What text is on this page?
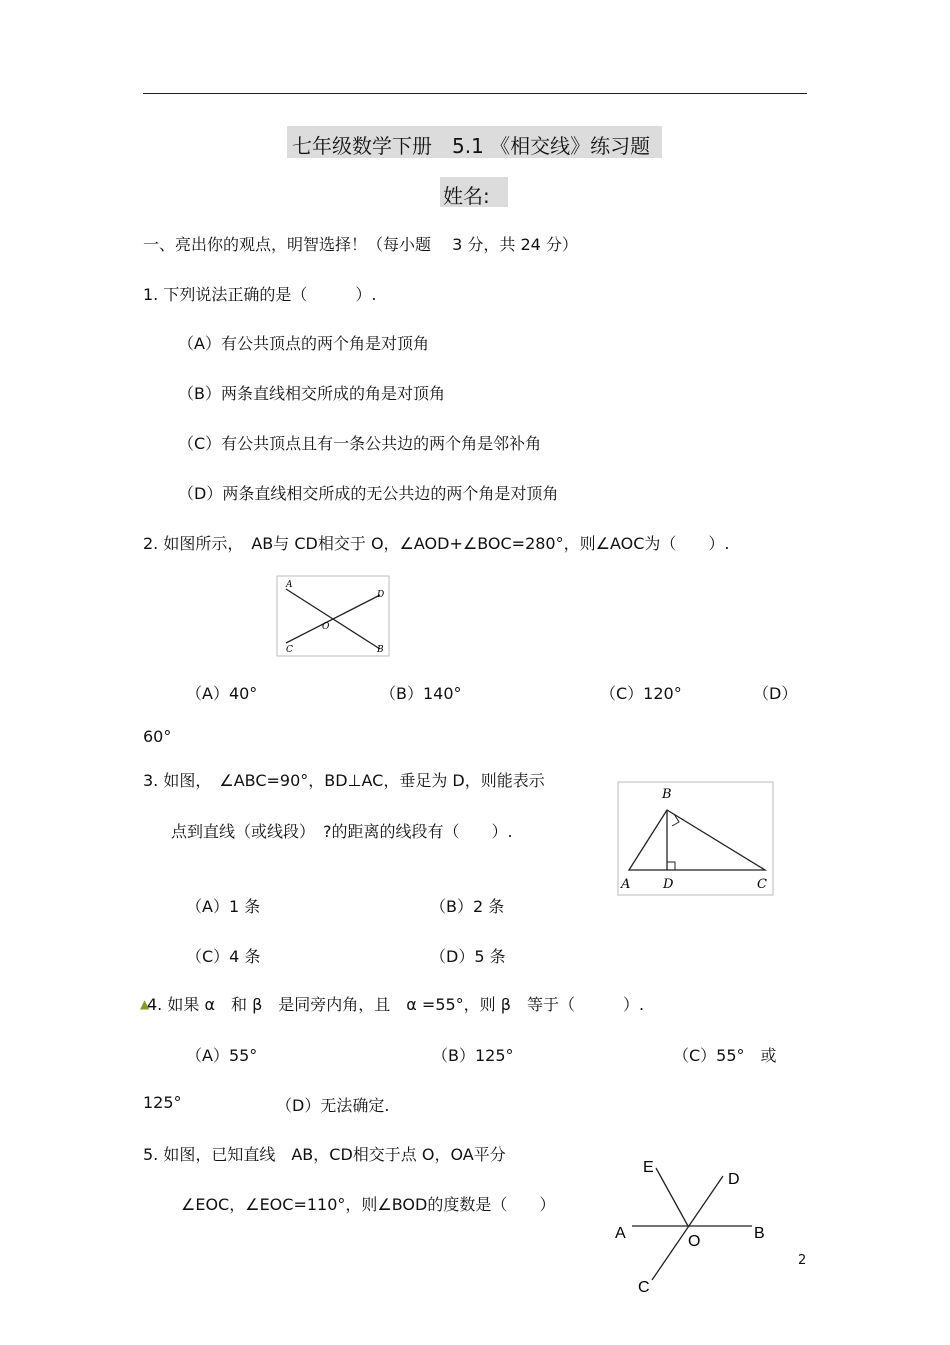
七年级数学下册　5.1 《相交线》练习题
姓名:
一、亮出你的观点，明智选择！（每小题　 3 分，共 24 分）
1. 下列说法正确的是（　　　）.
（A）有公共顶点的两个角是对顶角
（B）两条直线相交所成的角是对顶角
（C）有公共顶点且有一条公共边的两个角是邻补角
（D）两条直线相交所成的无公共边的两个角是对顶角
2. 如图所示，　AB与 CD相交于 O，∠AOD+∠BOC=280°，则∠AOC为（　　）.
A
D
O
C	B
（A）40°	（B）140°	（C）120°	（D）
60°
3. 如图，　∠ABC=90°，BD⊥AC，垂足为 D，则能表示
点到直线（或线段）　?的距离的线段有（　　）.
B
A	D	C
（A）1 条	（B）2 条
（C）4 条	（D）5 条
▲
4. 如果 α　和 β　是同旁内角，且　α =55°，则 β　等于（　　　）.
（A）55°	（B）125°	（C）55°　或
125°	（D）无法确定.
5. 如图，已知直线　AB，CD相交于点 O，OA平分
∠EOC，∠EOC=110°，则∠BOD的度数是（　　）
E
D
A	O	B
C
2
